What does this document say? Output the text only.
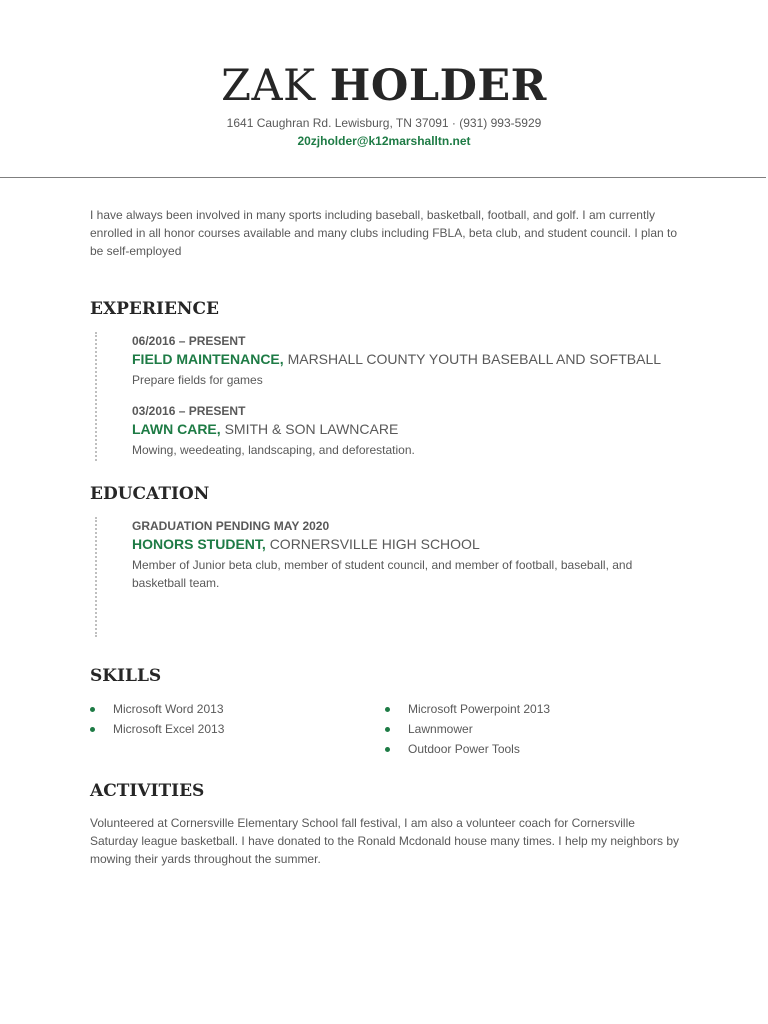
ZAK HOLDER
1641 Caughran Rd. Lewisburg, TN 37091 · (931) 993-5929
20zjholder@k12marshalltn.net

I have always been involved in many sports including baseball, basketball, football, and golf. I am currently enrolled in all honor courses available and many clubs including FBLA, beta club, and student council. I plan to be self-employed

EXPERIENCE
06/2016 – PRESENT
FIELD MAINTENANCE, MARSHALL COUNTY YOUTH BASEBALL AND SOFTBALL
Prepare fields for games
03/2016 – PRESENT
LAWN CARE, SMITH & SON LAWNCARE
Mowing, weedeating, landscaping, and deforestation.
EDUCATION
GRADUATION PENDING MAY 2020
HONORS STUDENT, CORNERSVILLE HIGH SCHOOL
Member of Junior beta club, member of student council, and member of football, baseball, and basketball team.
SKILLS
Microsoft Word 2013
Microsoft Excel 2013
Microsoft Powerpoint 2013
Lawnmower
Outdoor Power Tools
ACTIVITIES

Volunteered at Cornersville Elementary School fall festival, I am also a volunteer coach for Cornersville Saturday league basketball. I have donated to the Ronald Mcdonald house many times. I help my neighbors by mowing their yards throughout the summer.
